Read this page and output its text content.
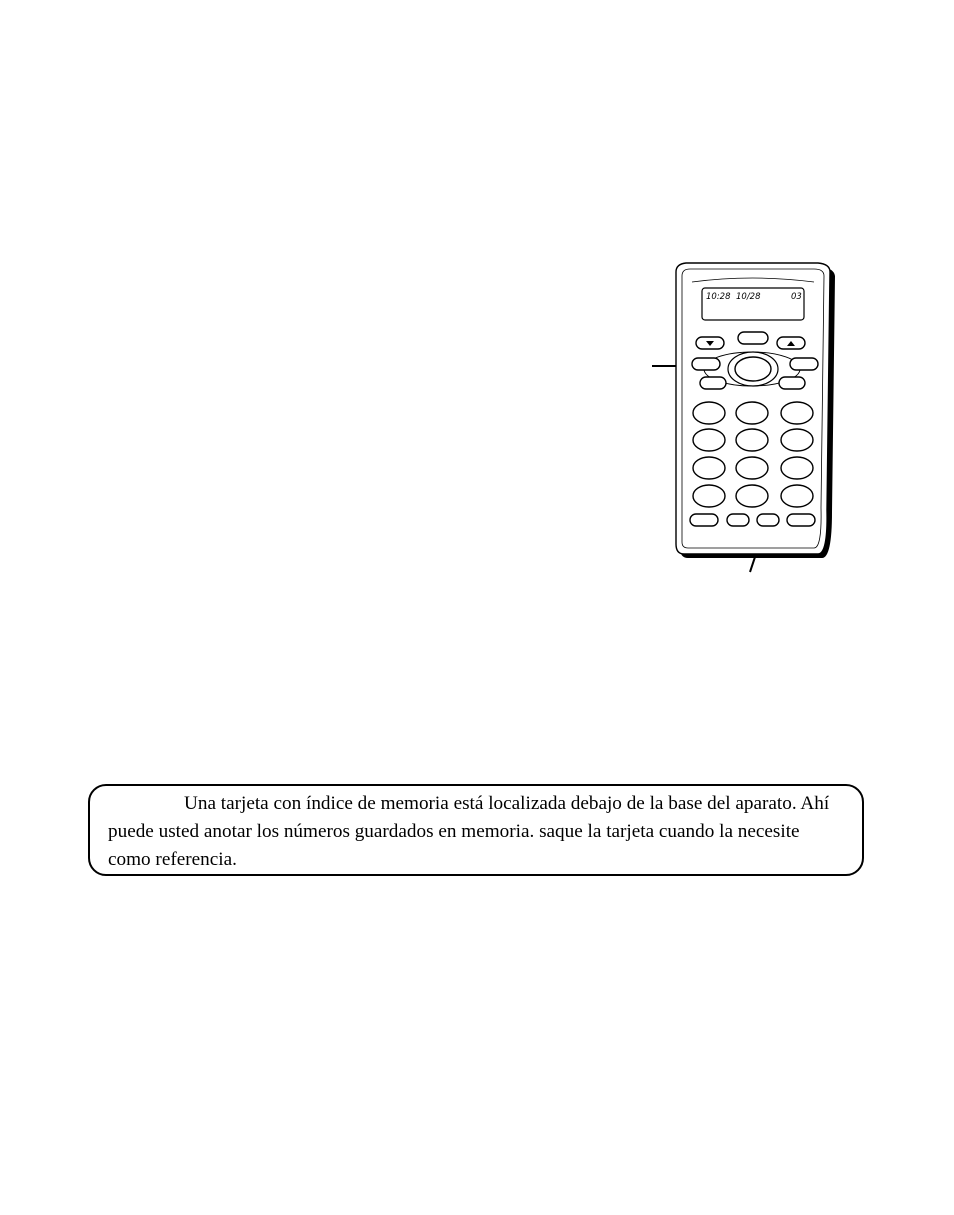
10:28 10/28	03

Una tarjeta con índice de memoria está localizada debajo de la base del aparato. Ahí puede usted anotar los números guardados en memoria. saque la tarjeta cuando la necesite como referencia.
